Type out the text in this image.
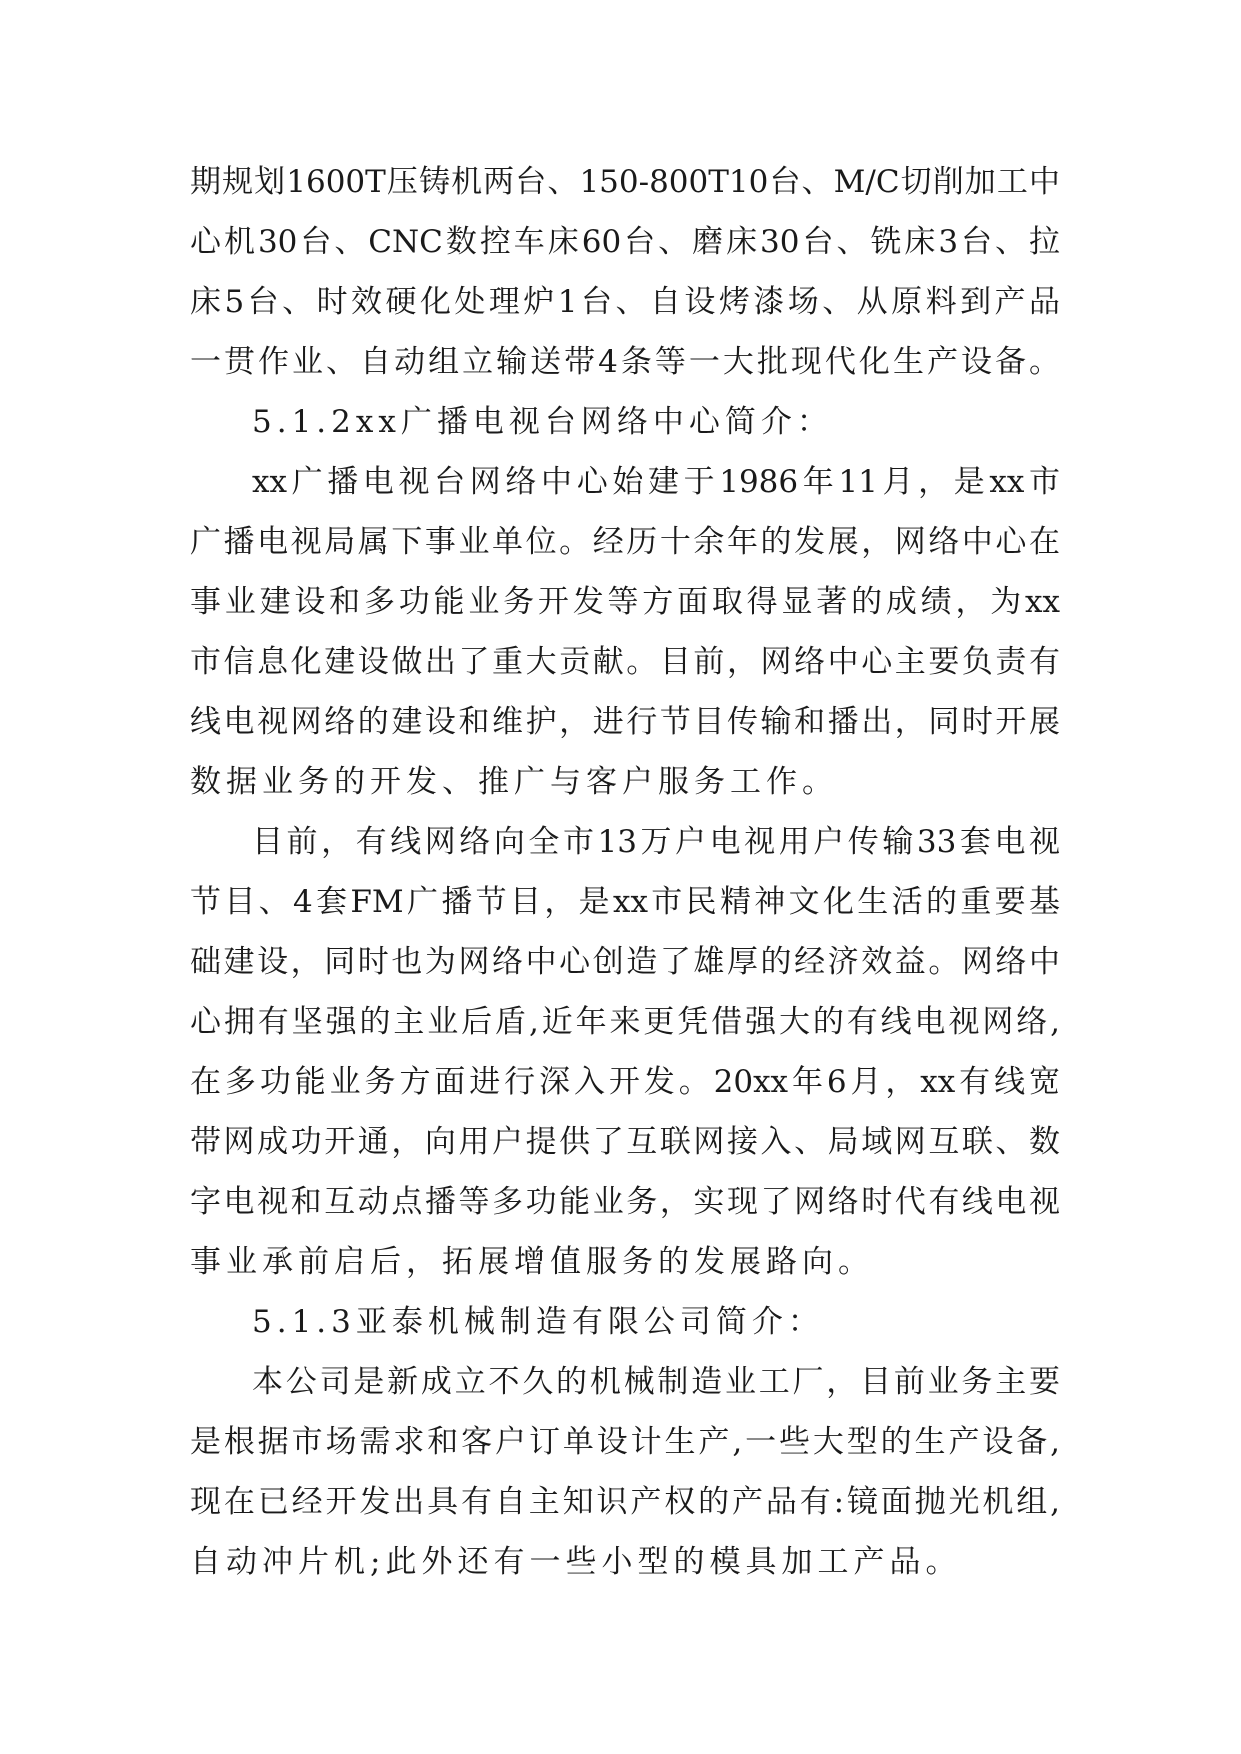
期规划1600T压铸机两台、150-800T10台、M/C切削加工中
心机30台、CNC数控车床60台、磨床30台、铣床3台、拉
床5台、时效硬化处理炉1台、自设烤漆场、从原料到产品
一贯作业、自动组立输送带4条等一大批现代化生产设备。
5.1.2xx广播电视台网络中心简介：
xx广播电视台网络中心始建于1986年11月，是xx市
广播电视局属下事业单位。经历十余年的发展，网络中心在
事业建设和多功能业务开发等方面取得显著的成绩，为xx
市信息化建设做出了重大贡献。目前，网络中心主要负责有
线电视网络的建设和维护，进行节目传输和播出，同时开展
数据业务的开发、推广与客户服务工作。
目前，有线网络向全市13万户电视用户传输33套电视
节目、4套FM广播节目，是xx市民精神文化生活的重要基
础建设，同时也为网络中心创造了雄厚的经济效益。网络中
心拥有坚强的主业后盾,近年来更凭借强大的有线电视网络,
在多功能业务方面进行深入开发。20xx年6月，xx有线宽
带网成功开通，向用户提供了互联网接入、局域网互联、数
字电视和互动点播等多功能业务，实现了网络时代有线电视
事业承前启后，拓展增值服务的发展路向。
5.1.3亚泰机械制造有限公司简介：
本公司是新成立不久的机械制造业工厂，目前业务主要
是根据市场需求和客户订单设计生产,一些大型的生产设备,
现在已经开发出具有自主知识产权的产品有:镜面抛光机组,
自动冲片机;此外还有一些小型的模具加工产品。
